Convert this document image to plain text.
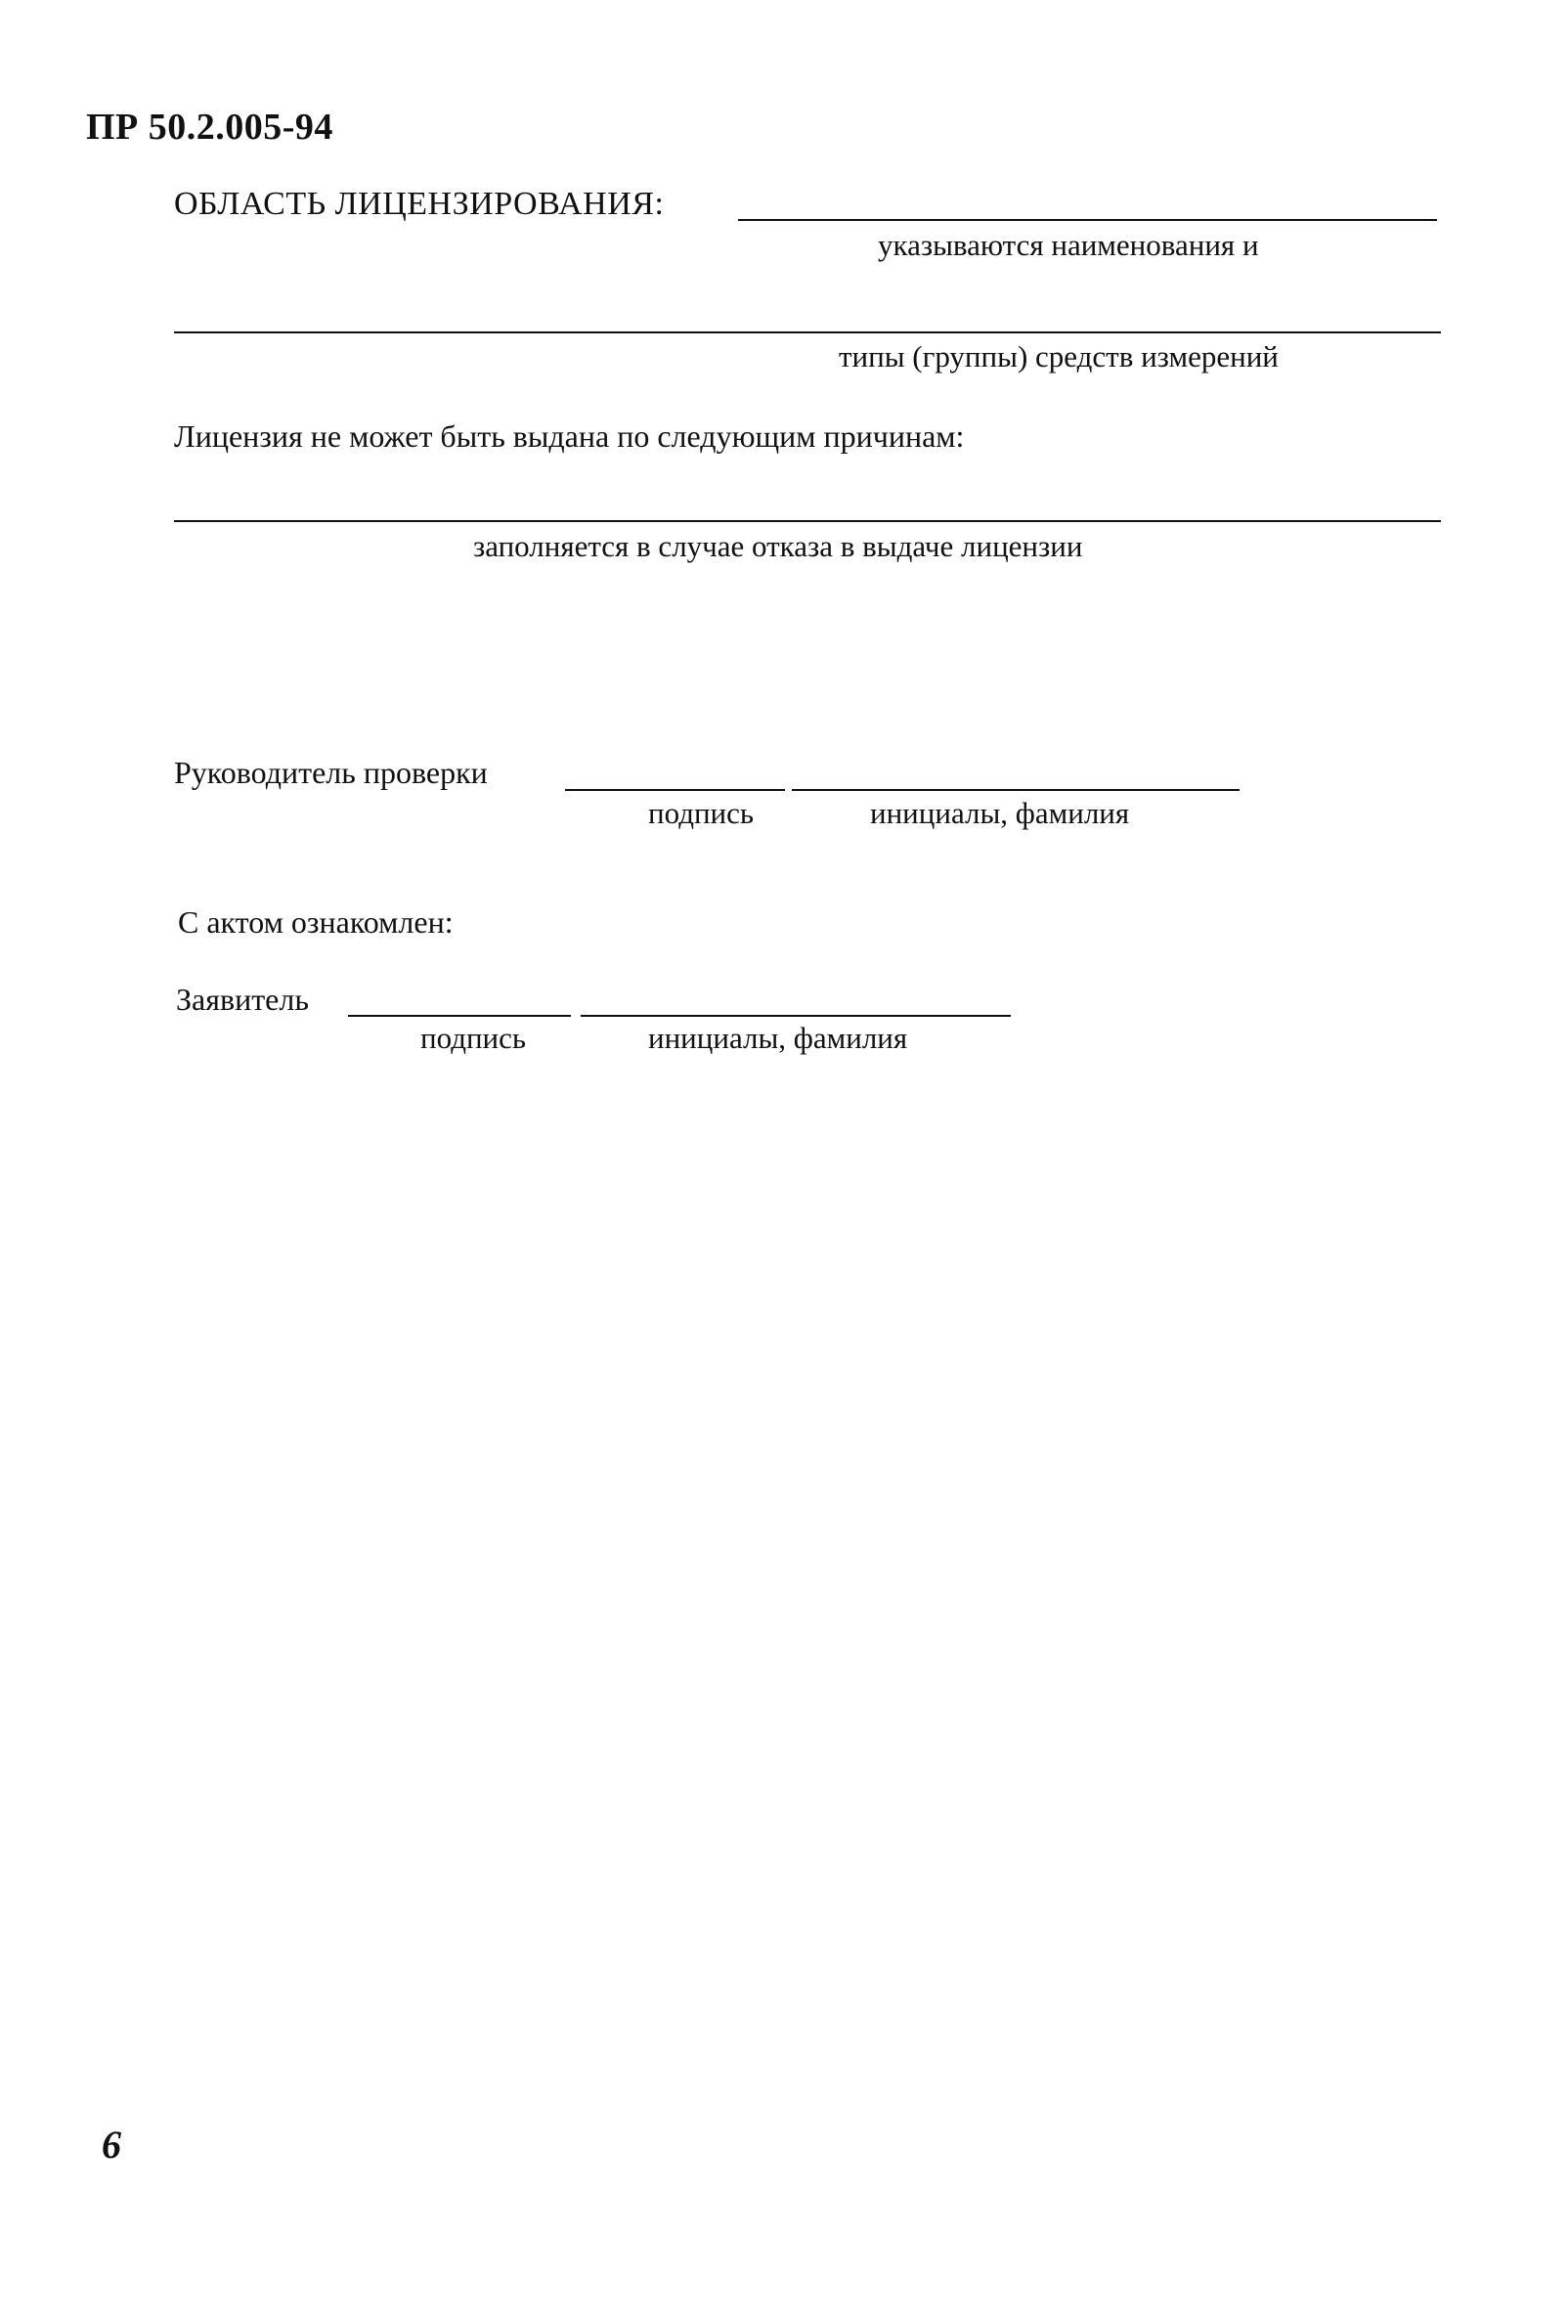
ПР 50.2.005-94
ОБЛАСТЬ ЛИЦЕНЗИРОВАНИЯ:
указываются наименования и
типы (группы) средств измерений
Лицензия не может быть выдана по следующим причинам:
заполняется в случае отказа в выдаче лицензии
Руководитель проверки
подпись	инициалы, фамилия
С актом ознакомлен:
Заявитель
подпись	инициалы, фамилия
6
